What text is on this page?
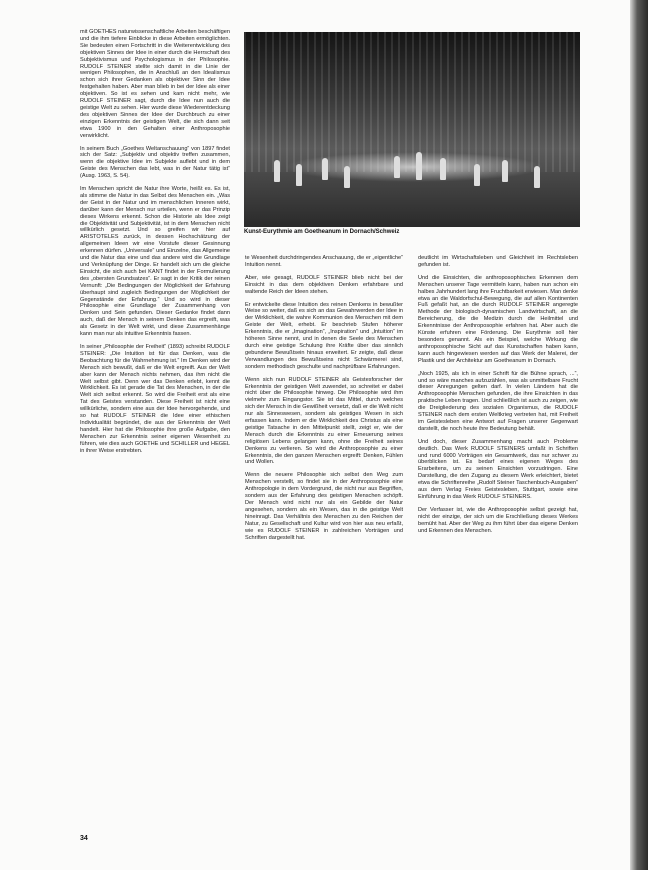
mit GOETHES naturwissenschaftliche Arbeiten beschäftigen und die ihm tiefere Einblicke in diese Arbeiten ermöglichten. Sie bedeuten einen Fortschritt in die Weiterentwicklung des objektiven Sinnes der Idee in einer durch die Herrschaft des Subjektivismus und Psychologismus in der Philosophie. RUDOLF STEINER stellte sich damit in die Linie der wenigen Philosophen, die in Anschluß an den Idealismus schon sich ihrer Gedanken als objektiver Sinn der Idee festgehalten haben. Aber man blieb in bei der Idee als einer objektiven. So ist es sehen und kam nicht mehr, wie RUDOLF STEINER sagt, durch die Idee nun auch die geistige Welt zu sehen. Hier wurde diese Wiederentdeckung des objektiven Sinnes der Idee der Durchbruch zu einer einzigen Erkenntnis der geistigen Welt, die sich dann seit etwa 1900 in den Gehalten einer Anthroposophie verwirklicht.

In seinem Buch „Goethes Weltanschauung“ von 1897 findet sich der Satz: „Subjektiv und objektiv treffen zusammen, wenn die objektive Idee im Subjekte auflebt und in dem Geiste des Menschen das lebt, was in der Natur tätig ist“ (Ausg. 1963, S. 54).

Im Menschen spricht die Natur ihre Worte, heißt es. Es ist, als stimme die Natur in das Selbst des Menschen ein. „Was der Geist in der Natur und im menschlichen Inneren wirkt, darüber kann der Mensch nur urteilen, wenn er das Prinzip dieses Wirkens erkennt. Schon die Historie als Idee zeigt die Objektivität und Subjektivität, ist in dem Menschen nicht willkürlich gesetzt. Und so greifen wir hier auf ARISTOTELES zurück, in dessen Hochschätzung der allgemeinen Ideen wir eine Vorstufe dieser Gesinnung erkennen dürfen. „Universale“ und Einzelne, das Allgemeine und die Natur das eine und das andere wird die Grundlage und Verknüpfung der Dinge. Er handelt sich um die gleiche Einsicht, die sich auch bei KANT findet in der Formulierung des „obersten Grundsatzes“. Er sagt in der Kritik der reinen Vernunft: „Die Bedingungen der Möglichkeit der Erfahrung überhaupt sind zugleich Bedingungen der Möglichkeit der Gegenstände der Erfahrung.“ Und so wird in dieser Philosophie eine Grundlage der Zusammenhang von Denken und Sein gefunden. Dieser Gedanke findet dann auch, daß der Mensch in seinem Denken das ergreift, was als Gesetz in der Welt wirkt, und diese Zusammenhänge kann man nur als intuitive Erkenntnis fassen.

In seiner „Philosophie der Freiheit“ (1893) schreibt RUDOLF STEINER: „Die Intuition ist für das Denken, was die Beobachtung für die Wahrnehmung ist.“ Im Denken wird der Mensch sich bewußt, daß er die Welt ergreift. Aus der Welt aber kann der Mensch nichts nehmen, das ihm nicht die Welt selbst gibt. Denn wer das Denken erlebt, kennt die Wirklichkeit. Es ist gerade die Tat des Menschen, in der die Welt sich selbst erkennt. So wird die Freiheit erst als eine Tat des Geistes verstanden. Diese Freiheit ist nicht eine willkürliche, sondern eine aus der Idee hervorgehende, und so hat RUDOLF STEINER die Idee einer ethischen Individualität begründet, die aus der Erkenntnis der Welt handelt. Hier hat die Philosophie ihre große Aufgabe, den Menschen zur Erkenntnis seiner eigenen Wesenheit zu führen, wie dies auch GOETHE und SCHILLER und HEGEL in ihrer Weise erstrebten.

Kunst-Eurythmie am Goetheanum in Dornach/Schweiz

te Wesenheit durchdringendes Anschauung, die er „eigentliche“ Intuition nennt.

Aber, wie gesagt, RUDOLF STEINER blieb nicht bei der Einsicht in das dem objektiven Denken erfahrbare und waltende Reich der Ideen stehen.

Er entwickelte diese Intuition des reinen Denkens in bewußter Weise so weiter, daß es sich an das Gewahrwerden der Idee in der Wirklichkeit, die wahre Kommunion des Menschen mit dem Geiste der Welt, erhebt. Er beschrieb Stufen höherer Erkenntnis, die er „Imagination“, „Inspiration“ und „Intuition“ im höheren Sinne nennt, und in denen die Seele des Menschen durch eine geistige Schulung ihre Kräfte über das sinnlich gebundene Bewußtsein hinaus erweitert. Er zeigte, daß diese Verwandlungen des Bewußtseins nicht Schwärmerei sind, sondern methodisch geschulte und nachprüfbare Erfahrungen.

Wenn sich nun RUDOLF STEINER als Geistesforscher der Erkenntnis der geistigen Welt zuwendet, so schreitet er dabei nicht über die Philosophie hinweg. Die Philosophie wird ihm vielmehr zum Eingangstor. Sie ist das Mittel, durch welches sich der Mensch in die Gewißheit versetzt, daß er die Welt nicht nur als Sinneswesen, sondern als geistiges Wesen in sich erfassen kann. Indem er die Wirklichkeit des Christus als eine geistige Tatsache in den Mittelpunkt stellt, zeigt er, wie der Mensch durch die Erkenntnis zu einer Erneuerung seines religiösen Lebens gelangen kann, ohne die Freiheit seines Denkens zu verlieren. So wird die Anthroposophie zu einer Erkenntnis, die den ganzen Menschen ergreift: Denken, Fühlen und Wollen.

Wenn die neuere Philosophie sich selbst den Weg zum Menschen verstellt, so findet sie in der Anthroposophie eine Anthropologie in dem Vordergrund, die nicht nur aus Begriffen, sondern aus der Erfahrung des geistigen Menschen schöpft. Der Mensch wird nicht nur als ein Gebilde der Natur angesehen, sondern als ein Wesen, das in die geistige Welt hineinragt. Das Verhältnis des Menschen zu den Reichen der Natur, zu Gesellschaft und Kultur wird von hier aus neu erfaßt, wie es RUDOLF STEINER in zahlreichen Vorträgen und Schriften dargestellt hat.

deutlicht im Wirtschaftsleben und Gleichheit im Rechtsleben gefunden ist.

Und die Einsichten, die anthroposophisches Erkennen dem Menschen unserer Tage vermitteln kann, haben nun schon ein halbes Jahrhundert lang ihre Fruchtbarkeit erwiesen. Man denke etwa an die Waldorfschul-Bewegung, die auf allen Kontinenten Fuß gefaßt hat, an die durch RUDOLF STEINER angeregte Methode der biologisch-dynamischen Landwirtschaft, an die Bereicherung, die die Medizin durch die Heilmittel und Erkenntnisse der Anthroposophie erfahren hat. Aber auch die Künste erfuhren eine Förderung. Die Eurythmie soll hier besonders genannt. Als ein Beispiel, welche Wirkung die anthroposophische Sicht auf das Kunstschaffen haben kann, kann auch hingewiesen werden auf das Werk der Malerei, der Plastik und der Architektur am Goetheanum in Dornach.

„Noch 1925, als ich in einer Schrift für die Bühne sprach, ...“, und so wäre manches aufzuzählen, was als unmittelbare Frucht dieser Anregungen gelten darf. In vielen Ländern hat die Anthroposophie Menschen gefunden, die ihre Einsichten in das praktische Leben tragen. Und schließlich ist auch zu zeigen, wie die Dreigliederung des sozialen Organismus, die RUDOLF STEINER nach dem ersten Weltkrieg vertreten hat, mit Freiheit im Geistesleben eine Antwort auf Fragen unserer Gegenwart darstellt, die noch heute ihre Bedeutung behält.

Und doch, dieser Zusammenhang macht auch Probleme deutlich. Das Werk RUDOLF STEINERS umfaßt in Schriften und rund 6000 Vorträgen ein Gesamtwerk, das nur schwer zu überblicken ist. Es bedarf eines eigenen Weges des Erarbeitens, um zu seinen Einsichten vorzudringen. Eine Darstellung, die den Zugang zu diesem Werk erleichtert, bietet etwa die Schriftenreihe „Rudolf Steiner Taschenbuch-Ausgaben“ aus dem Verlag Freies Geistesleben, Stuttgart, sowie eine Einführung in das Werk RUDOLF STEINERS.

Der Verfasser ist, wie die Anthroposophie selbst gezeigt hat, nicht der einzige, der sich um die Erschließung dieses Werkes bemüht hat. Aber der Weg zu ihm führt über das eigene Denken und Erkennen des Menschen.

34
